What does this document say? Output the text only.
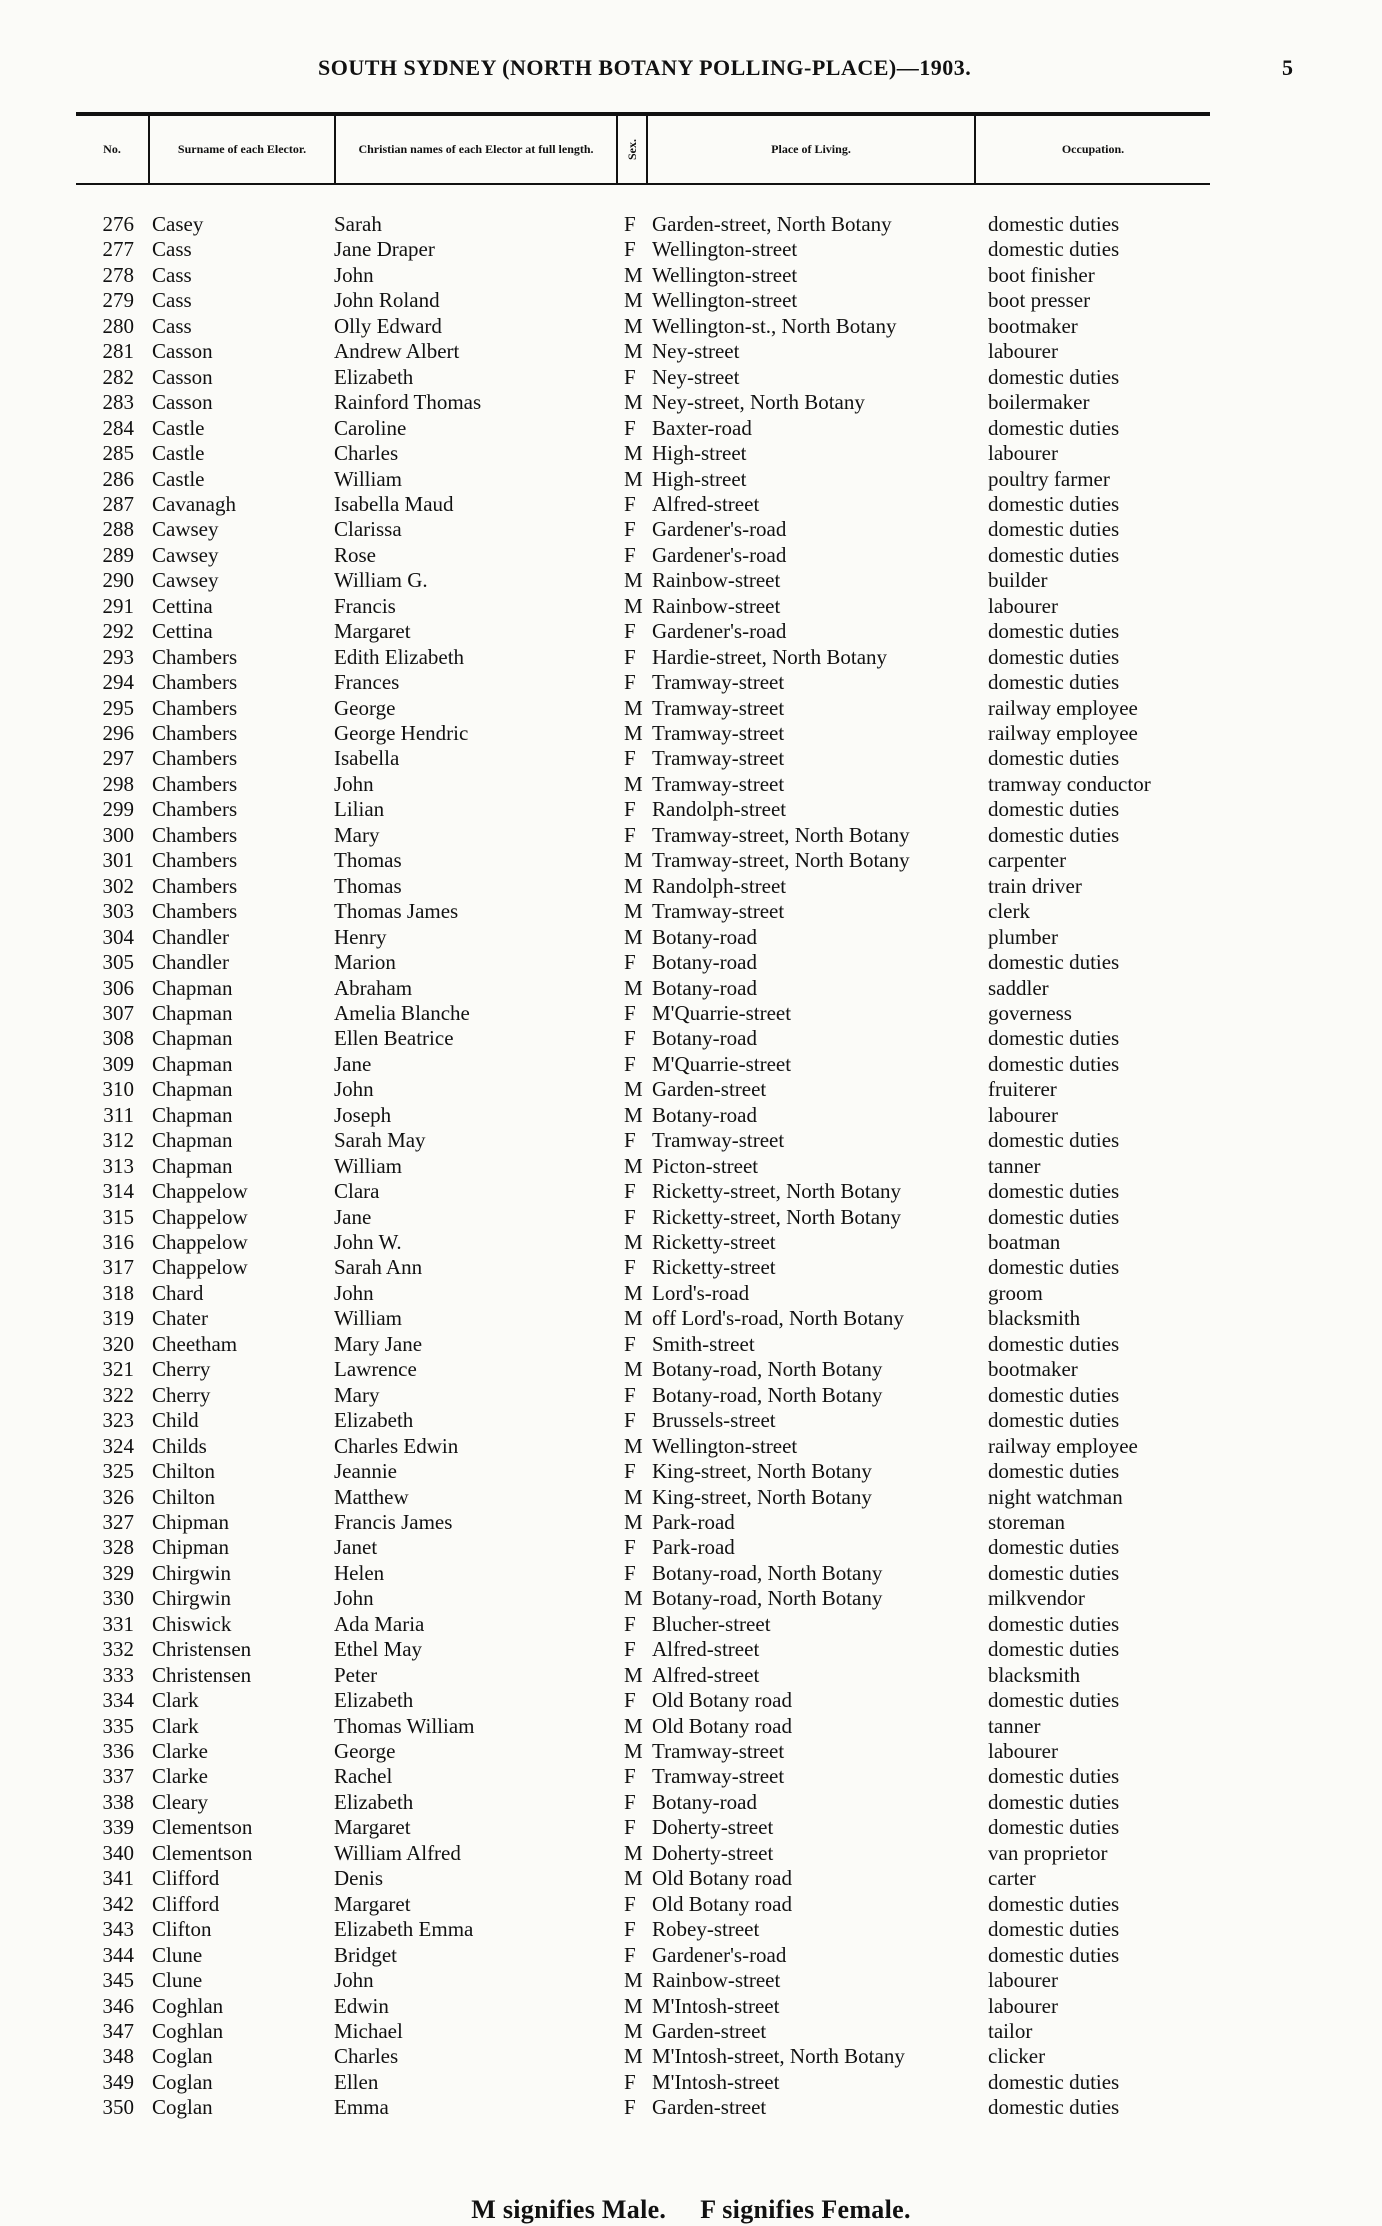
SOUTH SYDNEY (NORTH BOTANY POLLING-PLACE)—1903.	5
No.	Surname of each Elector.	Christian names of each Elector at full length.	Sex.	Place of Living.	Occupation.
276 Casey	Sarah	F Garden-street, North Botany	domestic duties
277 Cass	Jane Draper	F Wellington-street	domestic duties
278 Cass	John	M Wellington-street	boot finisher
279 Cass	John Roland	M Wellington-street	boot presser
280 Cass	Olly Edward	M Wellington-st., North Botany	bootmaker
281 Casson	Andrew Albert	M Ney-street	labourer
282 Casson	Elizabeth	F Ney-street	domestic duties
283 Casson	Rainford Thomas	M Ney-street, North Botany	boilermaker
284 Castle	Caroline	F Baxter-road	domestic duties
285 Castle	Charles	M High-street	labourer
286 Castle	William	M High-street	poultry farmer
287 Cavanagh	Isabella Maud	F Alfred-street	domestic duties
288 Cawsey	Clarissa	F Gardener's-road	domestic duties
289 Cawsey	Rose	F Gardener's-road	domestic duties
290 Cawsey	William G.	M Rainbow-street	builder
291 Cettina	Francis	M Rainbow-street	labourer
292 Cettina	Margaret	F Gardener's-road	domestic duties
293 Chambers	Edith Elizabeth	F Hardie-street, North Botany	domestic duties
294 Chambers	Frances	F Tramway-street	domestic duties
295 Chambers	George	M Tramway-street	railway employee
296 Chambers	George Hendric	M Tramway-street	railway employee
297 Chambers	Isabella	F Tramway-street	domestic duties
298 Chambers	John	M Tramway-street	tramway conductor
299 Chambers	Lilian	F Randolph-street	domestic duties
300 Chambers	Mary	F Tramway-street, North Botany	domestic duties
301 Chambers	Thomas	M Tramway-street, North Botany	carpenter
302 Chambers	Thomas	M Randolph-street	train driver
303 Chambers	Thomas James	M Tramway-street	clerk
304 Chandler	Henry	M Botany-road	plumber
305 Chandler	Marion	F Botany-road	domestic duties
306 Chapman	Abraham	M Botany-road	saddler
307 Chapman	Amelia Blanche	F M'Quarrie-street	governess
308 Chapman	Ellen Beatrice	F Botany-road	domestic duties
309 Chapman	Jane	F M'Quarrie-street	domestic duties
310 Chapman	John	M Garden-street	fruiterer
311 Chapman	Joseph	M Botany-road	labourer
312 Chapman	Sarah May	F Tramway-street	domestic duties
313 Chapman	William	M Picton-street	tanner
314 Chappelow	Clara	F Ricketty-street, North Botany	domestic duties
315 Chappelow	Jane	F Ricketty-street, North Botany	domestic duties
316 Chappelow	John W.	M Ricketty-street	boatman
317 Chappelow	Sarah Ann	F Ricketty-street	domestic duties
318 Chard	John	M Lord's-road	groom
319 Chater	William	M off Lord's-road, North Botany	blacksmith
320 Cheetham	Mary Jane	F Smith-street	domestic duties
321 Cherry	Lawrence	M Botany-road, North Botany	bootmaker
322 Cherry	Mary	F Botany-road, North Botany	domestic duties
323 Child	Elizabeth	F Brussels-street	domestic duties
324 Childs	Charles Edwin	M Wellington-street	railway employee
325 Chilton	Jeannie	F King-street, North Botany	domestic duties
326 Chilton	Matthew	M King-street, North Botany	night watchman
327 Chipman	Francis James	M Park-road	storeman
328 Chipman	Janet	F Park-road	domestic duties
329 Chirgwin	Helen	F Botany-road, North Botany	domestic duties
330 Chirgwin	John	M Botany-road, North Botany	milkvendor
331 Chiswick	Ada Maria	F Blucher-street	domestic duties
332 Christensen	Ethel May	F Alfred-street	domestic duties
333 Christensen	Peter	M Alfred-street	blacksmith
334 Clark	Elizabeth	F Old Botany road	domestic duties
335 Clark	Thomas William	M Old Botany road	tanner
336 Clarke	George	M Tramway-street	labourer
337 Clarke	Rachel	F Tramway-street	domestic duties
338 Cleary	Elizabeth	F Botany-road	domestic duties
339 Clementson	Margaret	F Doherty-street	domestic duties
340 Clementson	William Alfred	M Doherty-street	van proprietor
341 Clifford	Denis	M Old Botany road	carter
342 Clifford	Margaret	F Old Botany road	domestic duties
343 Clifton	Elizabeth Emma	F Robey-street	domestic duties
344 Clune	Bridget	F Gardener's-road	domestic duties
345 Clune	John	M Rainbow-street	labourer
346 Coghlan	Edwin	M M'Intosh-street	labourer
347 Coghlan	Michael	M Garden-street	tailor
348 Coglan	Charles	M M'Intosh-street, North Botany	clicker
349 Coglan	Ellen	F M'Intosh-street	domestic duties
350 Coglan	Emma	F Garden-street	domestic duties
M signifies Male. F signifies Female.
